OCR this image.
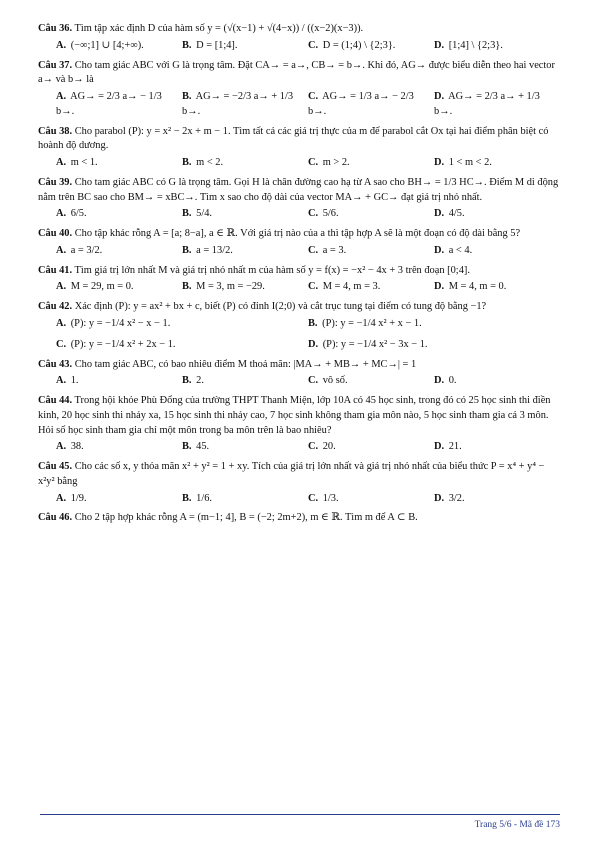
Câu 36. Tìm tập xác định D của hàm số y = (√(x−1) + √(4−x)) / ((x−2)(x−3)).
A. (−∞;1] ∪ [4;+∞).	B. D = [1;4].	C. D = (1;4) \ {2;3}.	D. [1;4] \ {2;3}.
Câu 37. Cho tam giác ABC với G là trọng tâm. Đặt CA→ = a→, CB→ = b→. Khi đó, AG→ được biểu diễn theo hai vector a→ và b→ là
A. AG→ = 2/3 a→ − 1/3 b→.
B. AG→ = −2/3 a→ + 1/3 b→.
C. AG→ = 1/3 a→ − 2/3 b→.
D. AG→ = 2/3 a→ + 1/3 b→.
Câu 38. Cho parabol (P): y = x² − 2x + m − 1. Tìm tất cả các giá trị thực của m để parabol cắt Ox tại hai điểm phân biệt có hoành độ dương.
A. m < 1.	B. m < 2.	C. m > 2.	D. 1 < m < 2.
Câu 39. Cho tam giác ABC có G là trọng tâm. Gọi H là chân đường cao hạ từ A sao cho BH→ = 1/3 HC→. Điểm M di động nằm trên BC sao cho BM→ = xBC→. Tìm x sao cho độ dài của vector MA→ + GC→ đạt giá trị nhỏ nhất.
A. 6/5.	B. 5/4.	C. 5/6.	D. 4/5.
Câu 40. Cho tập khác rỗng A = [a; 8−a], a ∈ ℝ. Với giá trị nào của a thì tập hợp A sẽ là một đoạn có độ dài bằng 5?
A. a = 3/2.	B. a = 13/2.	C. a = 3.	D. a < 4.
Câu 41. Tìm giá trị lớn nhất M và giá trị nhỏ nhất m của hàm số y = f(x) = −x² − 4x + 3 trên đoạn [0;4].
A. M = 29, m = 0.	B. M = 3, m = −29.	C. M = 4, m = 3.	D. M = 4, m = 0.
Câu 42. Xác định (P): y = ax² + bx + c, biết (P) có đỉnh I(2;0) và cắt trục tung tại điểm có tung độ bằng −1?
A. (P): y = −1/4 x² − x − 1.	B. (P): y = −1/4 x² + x − 1.
C. (P): y = −1/4 x² + 2x − 1.	D. (P): y = −1/4 x² − 3x − 1.
Câu 43. Cho tam giác ABC, có bao nhiêu điểm M thoả mãn: |MA→ + MB→ + MC→| = 1
A. 1.	B. 2.	C. vô số.	D. 0.
Câu 44. Trong hội khỏe Phù Đổng của trường THPT Thanh Miện, lớp 10A có 45 học sinh, trong đó có 25 học sinh thi điền kinh, 20 học sinh thi nhảy xa, 15 học sinh thi nhảy cao, 7 học sinh không tham gia môn nào, 5 học sinh tham gia cả 3 môn. Hỏi số học sinh tham gia chỉ một môn trong ba môn trên là bao nhiêu?
A. 38.	B. 45.	C. 20.	D. 21.
Câu 45. Cho các số x, y thỏa mãn x² + y² = 1 + xy. Tích của giá trị lớn nhất và giá trị nhỏ nhất của biểu thức P = x⁴ + y⁴ − x²y² bằng
A. 1/9.	B. 1/6.	C. 1/3.	D. 3/2.
Câu 46. Cho 2 tập hợp khác rỗng A = (m−1; 4], B = (−2; 2m+2), m ∈ ℝ. Tìm m để A ⊂ B.
Trang 5/6 - Mã đề 173
